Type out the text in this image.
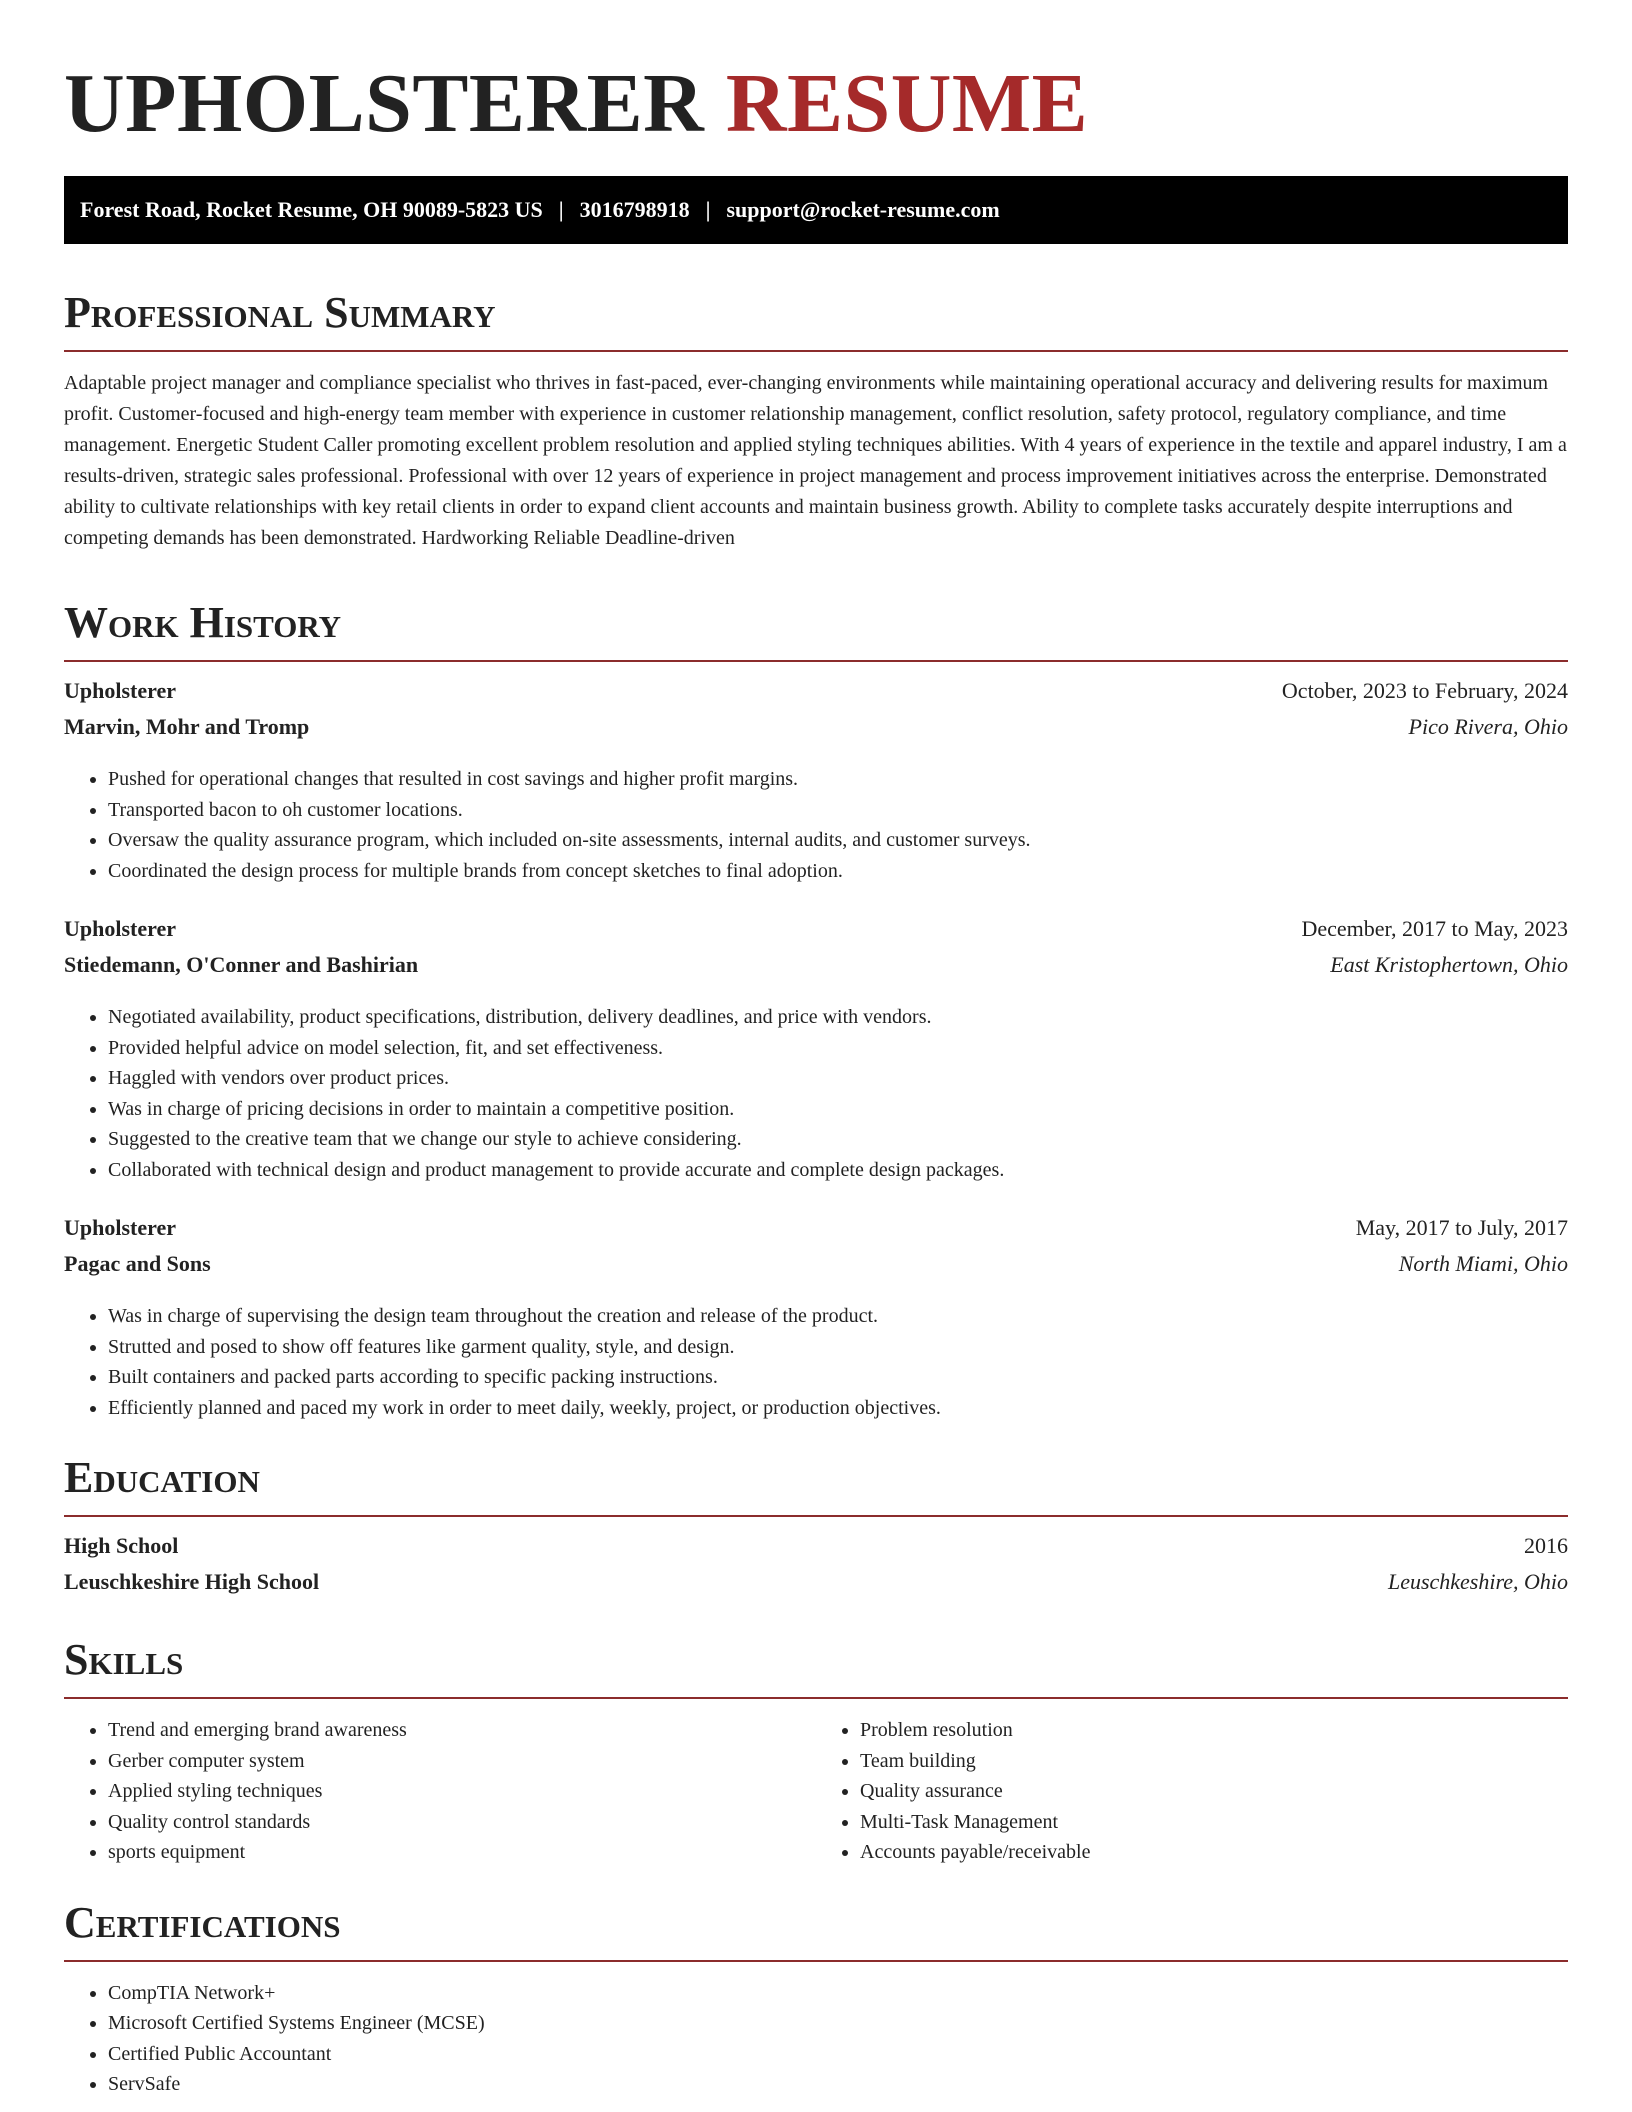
UPHOLSTERER RESUME
Forest Road, Rocket Resume, OH 90089-5823 US | 3016798918 | support@rocket-resume.com
Professional Summary

Adaptable project manager and compliance specialist who thrives in fast-paced, ever-changing environments while maintaining operational accuracy and delivering results for maximum profit. Customer-focused and high-energy team member with experience in customer relationship management, conflict resolution, safety protocol, regulatory compliance, and time management. Energetic Student Caller promoting excellent problem resolution and applied styling techniques abilities. With 4 years of experience in the textile and apparel industry, I am a results-driven, strategic sales professional. Professional with over 12 years of experience in project management and process improvement initiatives across the enterprise. Demonstrated ability to cultivate relationships with key retail clients in order to expand client accounts and maintain business growth. Ability to complete tasks accurately despite interruptions and competing demands has been demonstrated. Hardworking Reliable Deadline-driven

Work History
Upholsterer	October, 2023 to February, 2024
Marvin, Mohr and Tromp	Pico Rivera, Ohio
• Pushed for operational changes that resulted in cost savings and higher profit margins.
• Transported bacon to oh customer locations.
• Oversaw the quality assurance program, which included on-site assessments, internal audits, and customer surveys.
• Coordinated the design process for multiple brands from concept sketches to final adoption.
Upholsterer	December, 2017 to May, 2023
Stiedemann, O'Conner and Bashirian	East Kristophertown, Ohio
• Negotiated availability, product specifications, distribution, delivery deadlines, and price with vendors.
• Provided helpful advice on model selection, fit, and set effectiveness.
• Haggled with vendors over product prices.
• Was in charge of pricing decisions in order to maintain a competitive position.
• Suggested to the creative team that we change our style to achieve considering.
• Collaborated with technical design and product management to provide accurate and complete design packages.
Upholsterer	May, 2017 to July, 2017
Pagac and Sons	North Miami, Ohio
• Was in charge of supervising the design team throughout the creation and release of the product.
• Strutted and posed to show off features like garment quality, style, and design.
• Built containers and packed parts according to specific packing instructions.
• Efficiently planned and paced my work in order to meet daily, weekly, project, or production objectives.
Education
High School	2016
Leuschkeshire High School	Leuschkeshire, Ohio
Skills
• Trend and emerging brand awareness
• Gerber computer system
• Applied styling techniques
• Quality control standards
• sports equipment
• Problem resolution
• Team building
• Quality assurance
• Multi-Task Management
• Accounts payable/receivable
Certifications
• CompTIA Network+
• Microsoft Certified Systems Engineer (MCSE)
• Certified Public Accountant
• ServSafe
